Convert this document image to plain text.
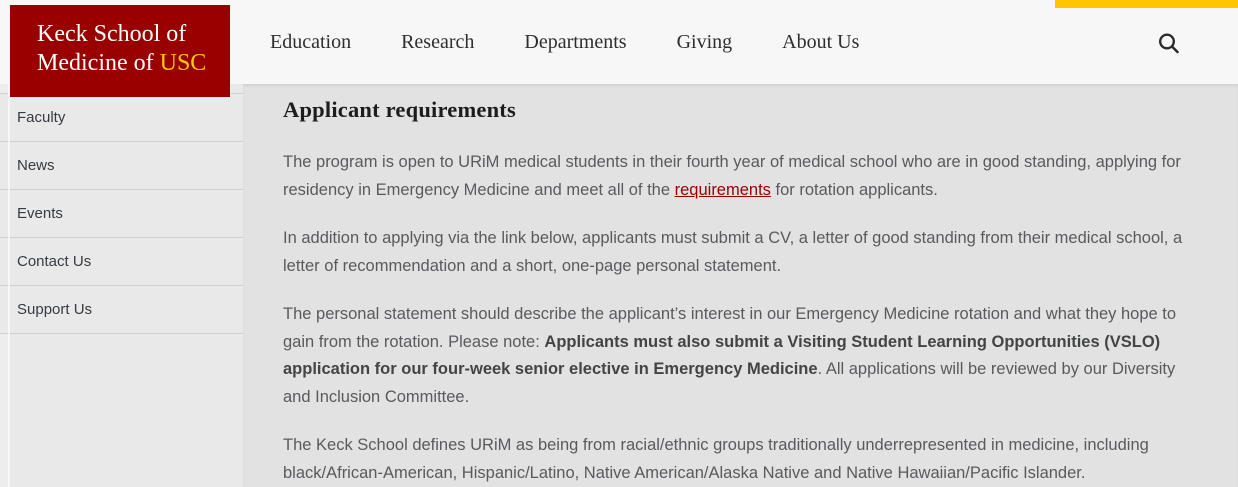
Education	Research	Departments	Giving	About Us
Keck School of
Medicine of USC
Faculty
News
Events
Contact Us
Support Us
Applicant requirements

The program is open to URiM medical students in their fourth year of medical school who are in good standing, applying for residency in Emergency Medicine and meet all of the requirements for rotation applicants.

In addition to applying via the link below, applicants must submit a CV, a letter of good standing from their medical school, a letter of recommendation and a short, one-page personal statement.

The personal statement should describe the applicant’s interest in our Emergency Medicine rotation and what they hope to gain from the rotation. Please note: Applicants must also submit a Visiting Student Learning Opportunities (VSLO) application for our four-week senior elective in Emergency Medicine. All applications will be reviewed by our Diversity and Inclusion Committee.

The Keck School defines URiM as being from racial/ethnic groups traditionally underrepresented in medicine, including black/African-American, Hispanic/Latino, Native American/Alaska Native and Native Hawaiian/Pacific Islander.
